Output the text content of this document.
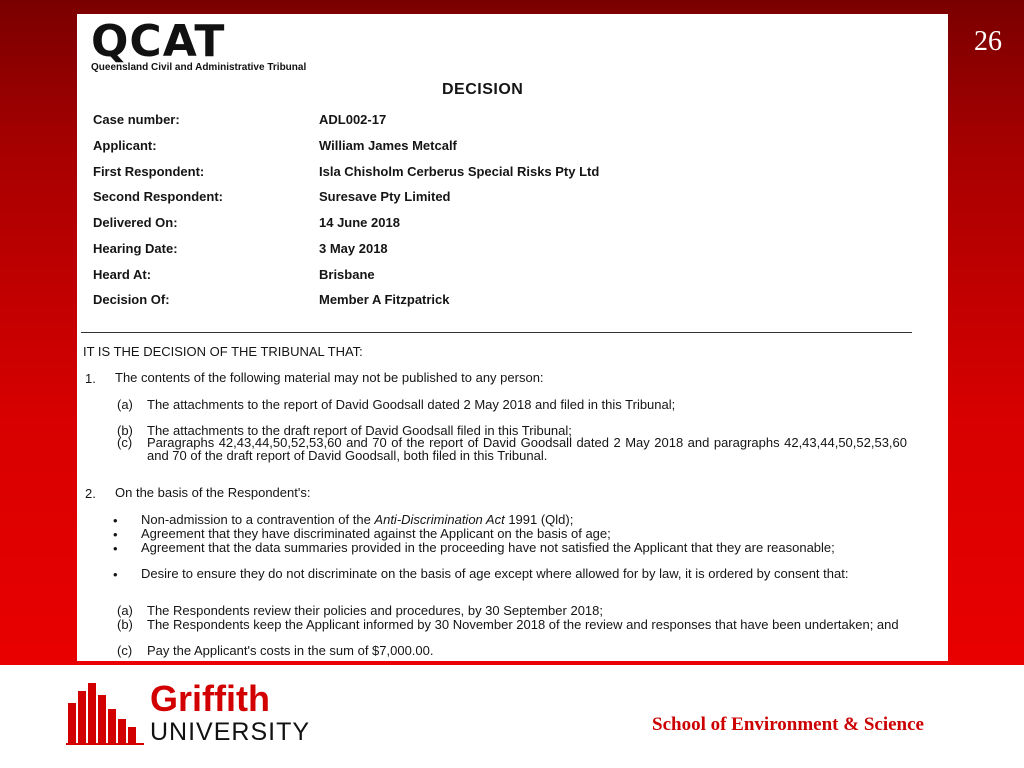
26
QCAT
Queensland Civil and Administrative Tribunal
DECISION
Case number:	ADL002-17
Applicant:	William James Metcalf
First Respondent:	Isla Chisholm Cerberus Special Risks Pty Ltd
Second Respondent:	Suresave Pty Limited
Delivered On:	14 June 2018
Hearing Date:	3 May 2018
Heard At:	Brisbane
Decision Of:	Member A Fitzpatrick
IT IS THE DECISION OF THE TRIBUNAL THAT:
1. The contents of the following material may not be published to any person:
(a) The attachments to the report of David Goodsall dated 2 May 2018 and filed in this Tribunal;
(b) The attachments to the draft report of David Goodsall filed in this Tribunal;
(c) Paragraphs 42,43,44,50,52,53,60 and 70 of the report of David Goodsall dated 2 May 2018 and paragraphs 42,43,44,50,52,53,60 and 70 of the draft report of David Goodsall, both filed in this Tribunal.
2. On the basis of the Respondent's:
• Non-admission to a contravention of the Anti-Discrimination Act 1991 (Qld);
• Agreement that they have discriminated against the Applicant on the basis of age;
• Agreement that the data summaries provided in the proceeding have not satisfied the Applicant that they are reasonable;
• Desire to ensure they do not discriminate on the basis of age except where allowed for by law, it is ordered by consent that:
(a) The Respondents review their policies and procedures, by 30 September 2018;
(b) The Respondents keep the Applicant informed by 30 November 2018 of the review and responses that have been undertaken; and
(c) Pay the Applicant's costs in the sum of $7,000.00.
Griffith
UNIVERSITY	School of Environment & Science
